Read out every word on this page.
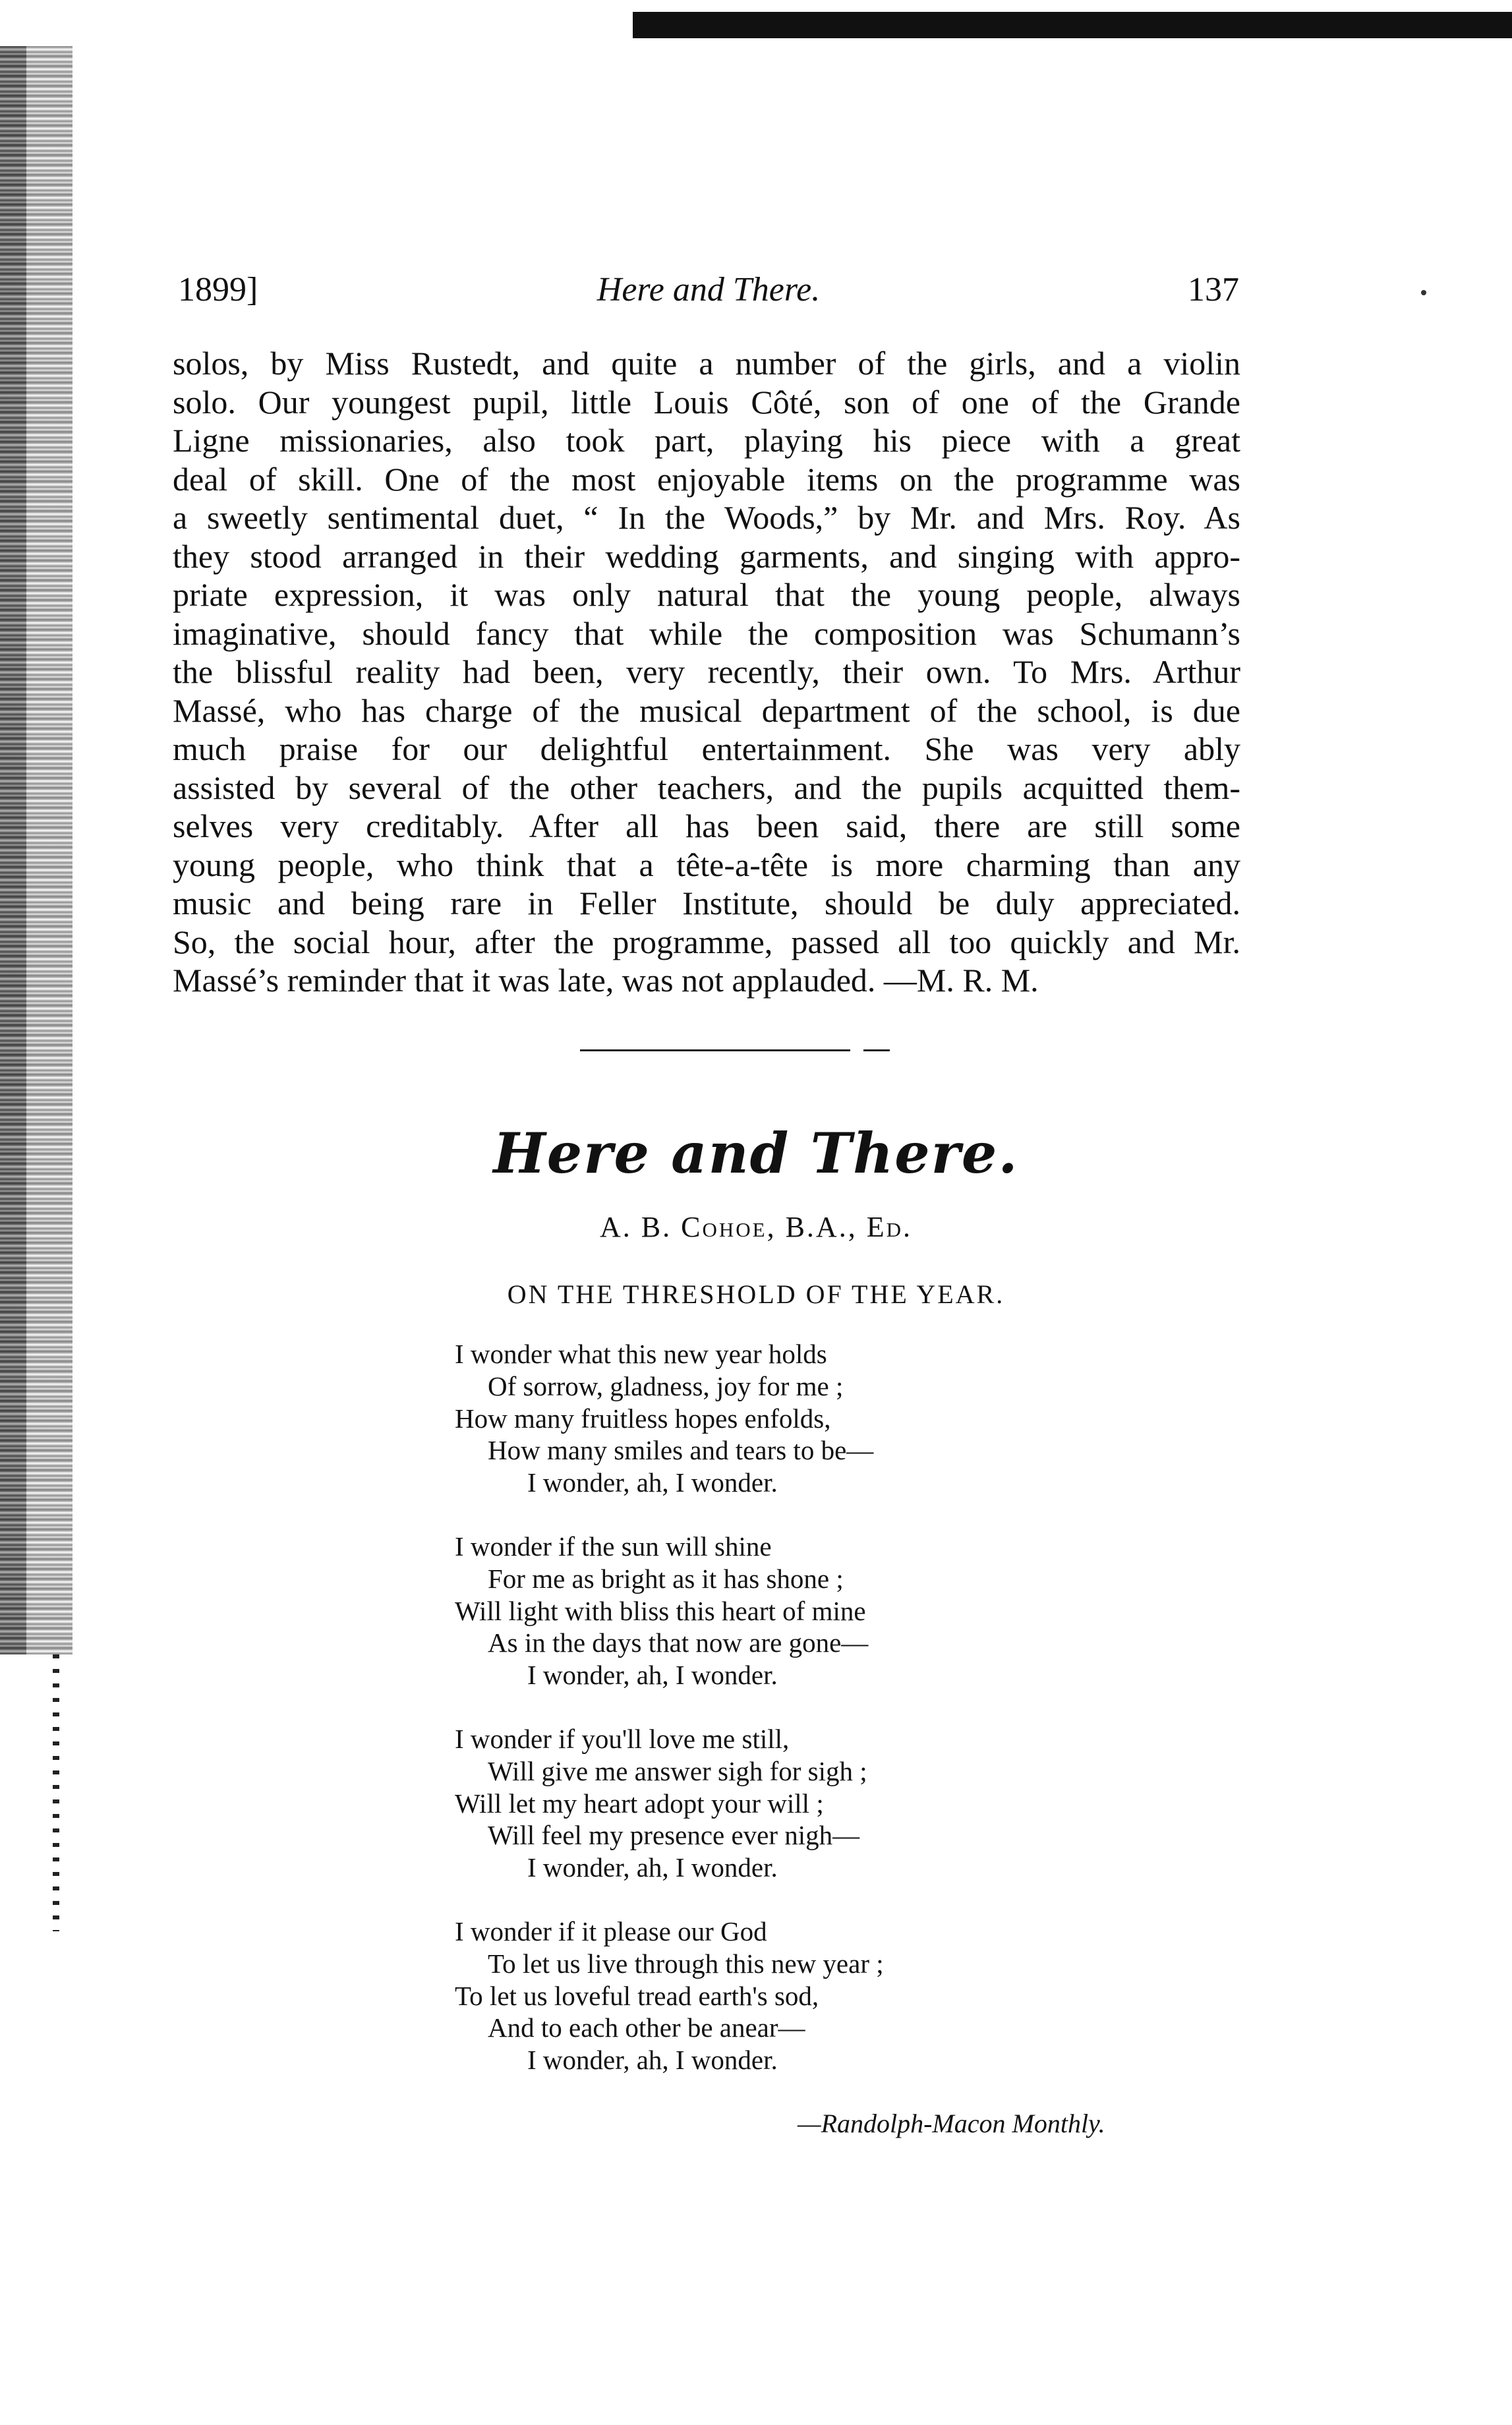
1899]	Here and There.	137
solos, by Miss Rustedt, and quite a number of the girls, and a violin
solo. Our youngest pupil, little Louis Côté, son of one of the Grande
Ligne missionaries, also took part, playing his piece with a great
deal of skill. One of the most enjoyable items on the programme was
a sweetly sentimental duet, “ In the Woods,” by Mr. and Mrs. Roy. As
they stood arranged in their wedding garments, and singing with appro-
priate expression, it was only natural that the young people, always
imaginative, should fancy that while the composition was Schumann’s
the blissful reality had been, very recently, their own. To Mrs. Arthur
Massé, who has charge of the musical department of the school, is due
much praise for our delightful entertainment. She was very ably
assisted by several of the other teachers, and the pupils acquitted them-
selves very creditably. After all has been said, there are still some
young people, who think that a tête-a-tête is more charming than any
music and being rare in Feller Institute, should be duly appreciated.
So, the social hour, after the programme, passed all too quickly and Mr.
Massé’s reminder that it was late, was not applauded. —M. R. M.
Here and There.
A. B. Cohoe, B.A., Ed.
ON THE THRESHOLD OF THE YEAR.
I wonder what this new year holds
Of sorrow, gladness, joy for me ;
How many fruitless hopes enfolds,
How many smiles and tears to be—
I wonder, ah, I wonder.
I wonder if the sun will shine
For me as bright as it has shone ;
Will light with bliss this heart of mine
As in the days that now are gone—
I wonder, ah, I wonder.
I wonder if you'll love me still,
Will give me answer sigh for sigh ;
Will let my heart adopt your will ;
Will feel my presence ever nigh—
I wonder, ah, I wonder.
I wonder if it please our God
To let us live through this new year ;
To let us loveful tread earth's sod,
And to each other be anear—
I wonder, ah, I wonder.
—Randolph-Macon Monthly.
